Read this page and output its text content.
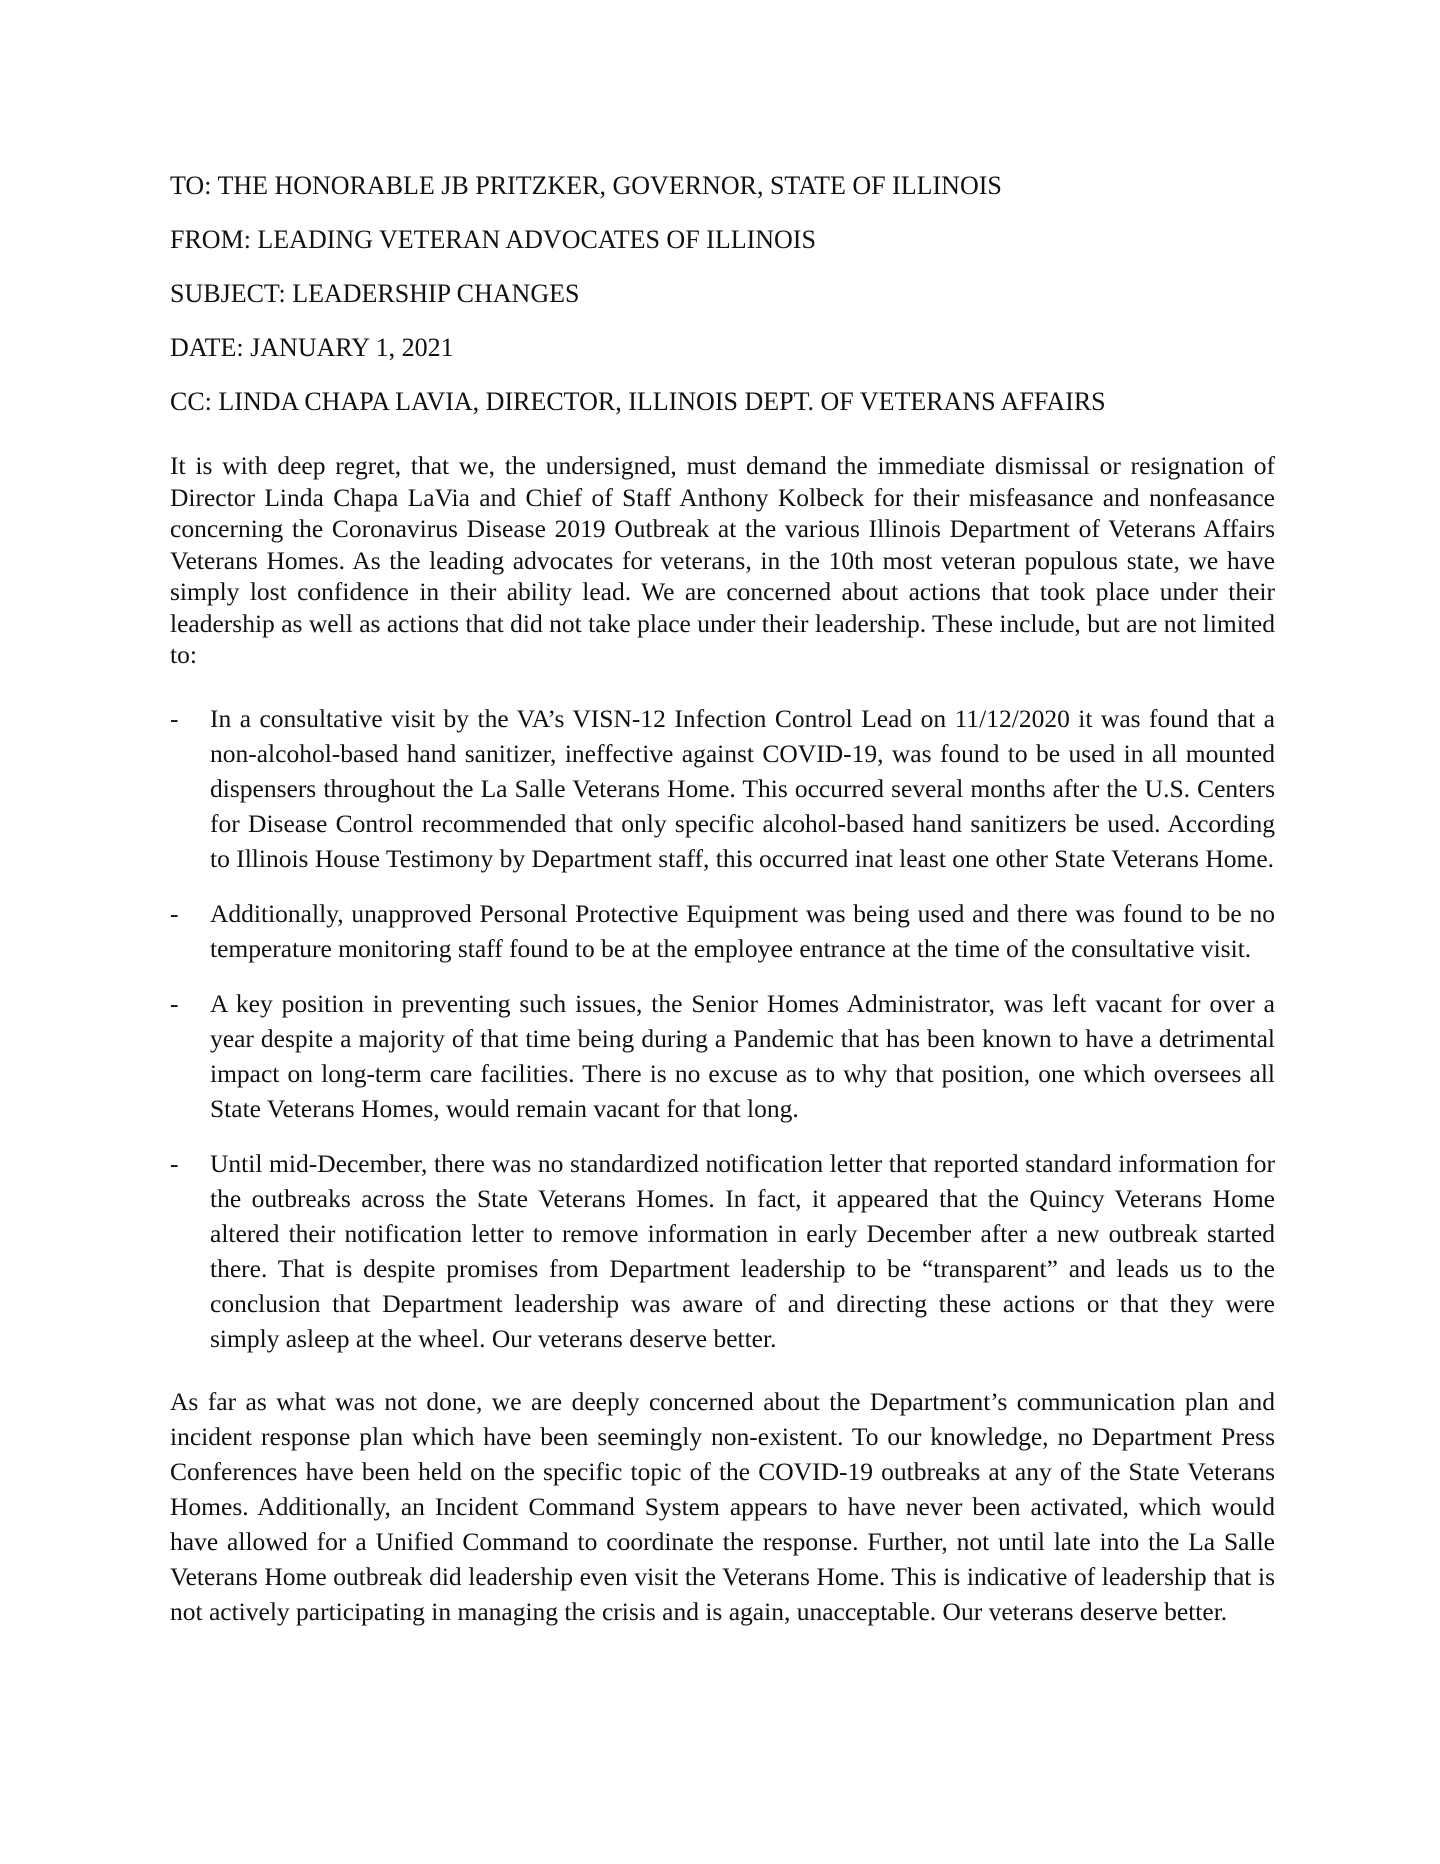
TO: THE HONORABLE JB PRITZKER, GOVERNOR, STATE OF ILLINOIS
FROM: LEADING VETERAN ADVOCATES OF ILLINOIS
SUBJECT: LEADERSHIP CHANGES
DATE: JANUARY 1, 2021
CC: LINDA CHAPA LAVIA, DIRECTOR, ILLINOIS DEPT. OF VETERANS AFFAIRS

It is with deep regret, that we, the undersigned, must demand the immediate dismissal or resignation of Director Linda Chapa LaVia and Chief of Staff Anthony Kolbeck for their misfeasance and nonfeasance concerning the Coronavirus Disease 2019 Outbreak at the various Illinois Department of Veterans Affairs Veterans Homes. As the leading advocates for veterans, in the 10th most veteran populous state, we have simply lost confidence in their ability lead. We are concerned about actions that took place under their leadership as well as actions that did not take place under their leadership. These include, but are not limited to:

-	In a consultative visit by the VA’s VISN-12 Infection Control Lead on 11/12/2020 it was found that a non-alcohol-based hand sanitizer, ineffective against COVID-19, was found to be used in all mounted dispensers throughout the La Salle Veterans Home. This occurred several months after the U.S. Centers for Disease Control recommended that only specific alcohol-based hand sanitizers be used. According to Illinois House Testimony by Department staff, this occurred inat least one other State Veterans Home.
-	Additionally, unapproved Personal Protective Equipment was being used and there was found to be no temperature monitoring staff found to be at the employee entrance at the time of the consultative visit.
-	A key position in preventing such issues, the Senior Homes Administrator, was left vacant for over a year despite a majority of that time being during a Pandemic that has been known to have a detrimental impact on long-term care facilities. There is no excuse as to why that position, one which oversees all State Veterans Homes, would remain vacant for that long.
-	Until mid-December, there was no standardized notification letter that reported standard information for the outbreaks across the State Veterans Homes. In fact, it appeared that the Quincy Veterans Home altered their notification letter to remove information in early December after a new outbreak started there. That is despite promises from Department leadership to be “transparent” and leads us to the conclusion that Department leadership was aware of and directing these actions or that they were simply asleep at the wheel. Our veterans deserve better.

As far as what was not done, we are deeply concerned about the Department’s communication plan and incident response plan which have been seemingly non-existent. To our knowledge, no Department Press Conferences have been held on the specific topic of the COVID-19 outbreaks at any of the State Veterans Homes. Additionally, an Incident Command System appears to have never been activated, which would have allowed for a Unified Command to coordinate the response. Further, not until late into the La Salle Veterans Home outbreak did leadership even visit the Veterans Home. This is indicative of leadership that is not actively participating in managing the crisis and is again, unacceptable. Our veterans deserve better.
